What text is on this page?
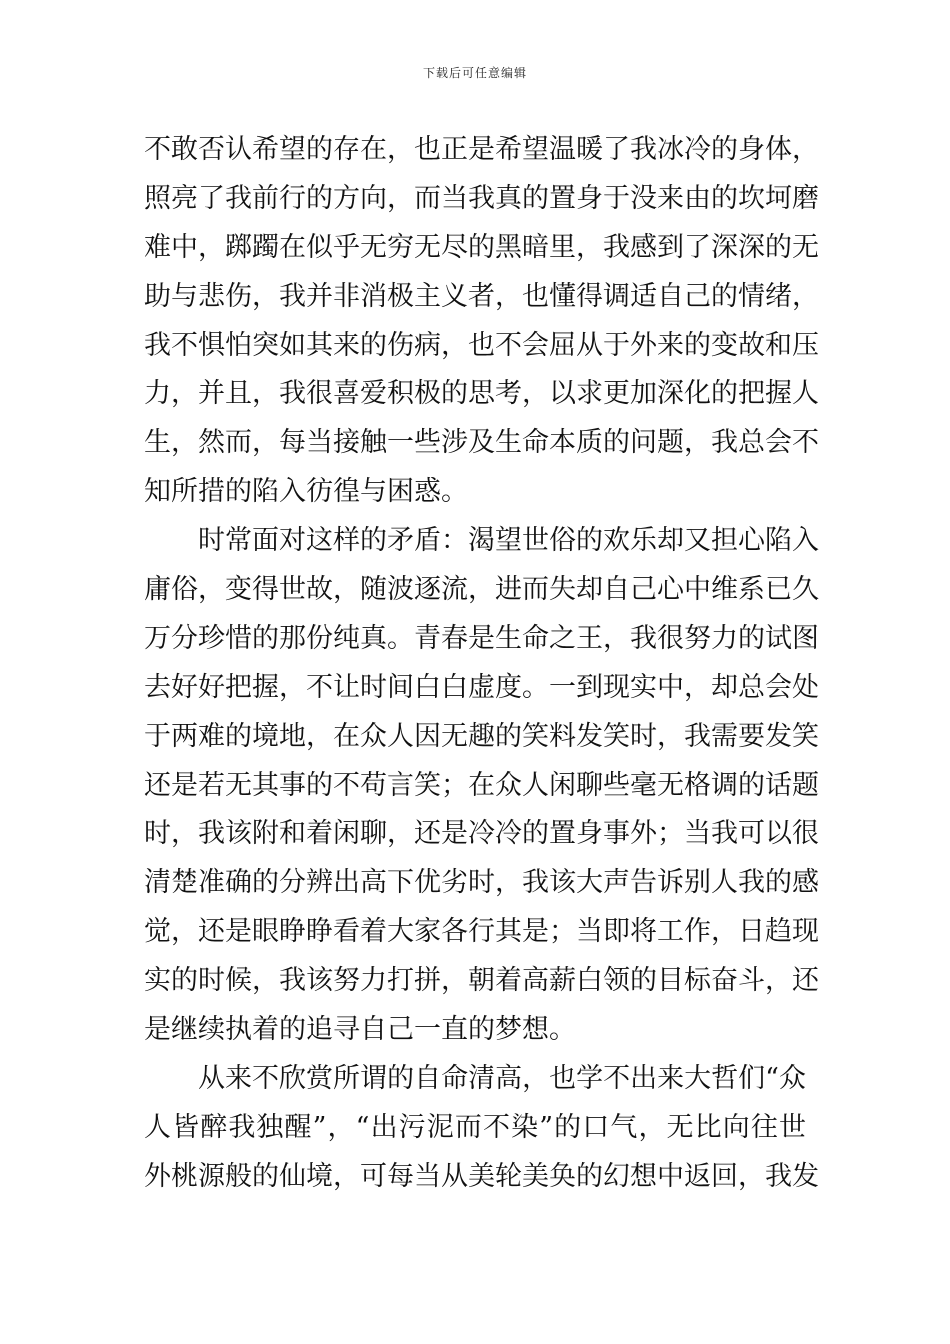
下载后可任意编辑
不敢否认希望的存在，也正是希望温暖了我冰冷的身体，
照亮了我前行的方向，而当我真的置身于没来由的坎坷磨
难中，踯躅在似乎无穷无尽的黑暗里，我感到了深深的无
助与悲伤，我并非消极主义者，也懂得调适自己的情绪，
我不惧怕突如其来的伤病，也不会屈从于外来的变故和压
力，并且，我很喜爱积极的思考，以求更加深化的把握人
生，然而，每当接触一些涉及生命本质的问题，我总会不
知所措的陷入彷徨与困惑。
　　时常面对这样的矛盾：渴望世俗的欢乐却又担心陷入
庸俗，变得世故，随波逐流，进而失却自己心中维系已久
万分珍惜的那份纯真。青春是生命之王，我很努力的试图
去好好把握，不让时间白白虚度。一到现实中，却总会处
于两难的境地，在众人因无趣的笑料发笑时，我需要发笑
还是若无其事的不苟言笑；在众人闲聊些毫无格调的话题
时，我该附和着闲聊，还是冷冷的置身事外；当我可以很
清楚准确的分辨出高下优劣时，我该大声告诉别人我的感
觉，还是眼睁睁看着大家各行其是；当即将工作，日趋现
实的时候，我该努力打拼，朝着高薪白领的目标奋斗，还
是继续执着的追寻自己一直的梦想。
　　从来不欣赏所谓的自命清高，也学不出来大哲们“众
人皆醉我独醒”，“出污泥而不染”的口气，无比向往世
外桃源般的仙境，可每当从美轮美奂的幻想中返回，我发
